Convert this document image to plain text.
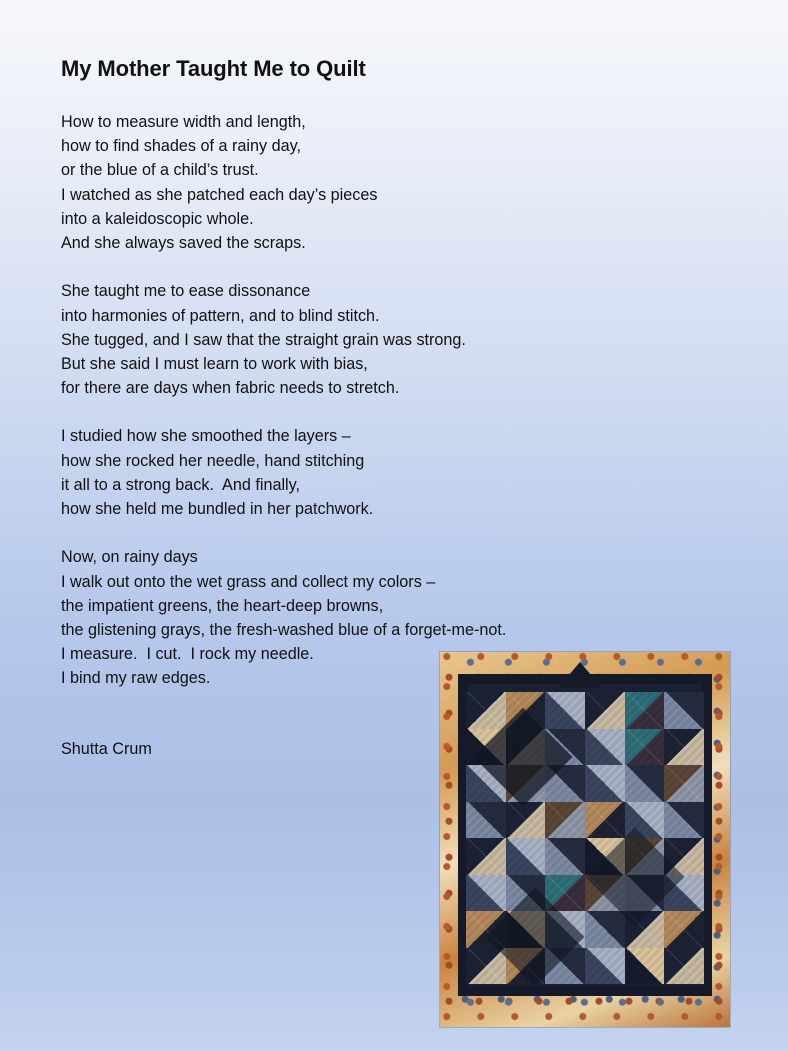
My Mother Taught Me to Quilt
How to measure width and length,
how to find shades of a rainy day,
or the blue of a child’s trust.
I watched as she patched each day’s pieces
into a kaleidoscopic whole.
And she always saved the scraps.
She taught me to ease dissonance
into harmonies of pattern, and to blind stitch.
She tugged, and I saw that the straight grain was strong.
But she said I must learn to work with bias,
for there are days when fabric needs to stretch.
I studied how she smoothed the layers –
how she rocked her needle, hand stitching
it all to a strong back.  And finally,
how she held me bundled in her patchwork.
Now, on rainy days
I walk out onto the wet grass and collect my colors –
the impatient greens, the heart-deep browns,
the glistening grays, the fresh-washed blue of a forget-me-not.
I measure.  I cut.  I rock my needle.
I bind my raw edges.
Shutta Crum
